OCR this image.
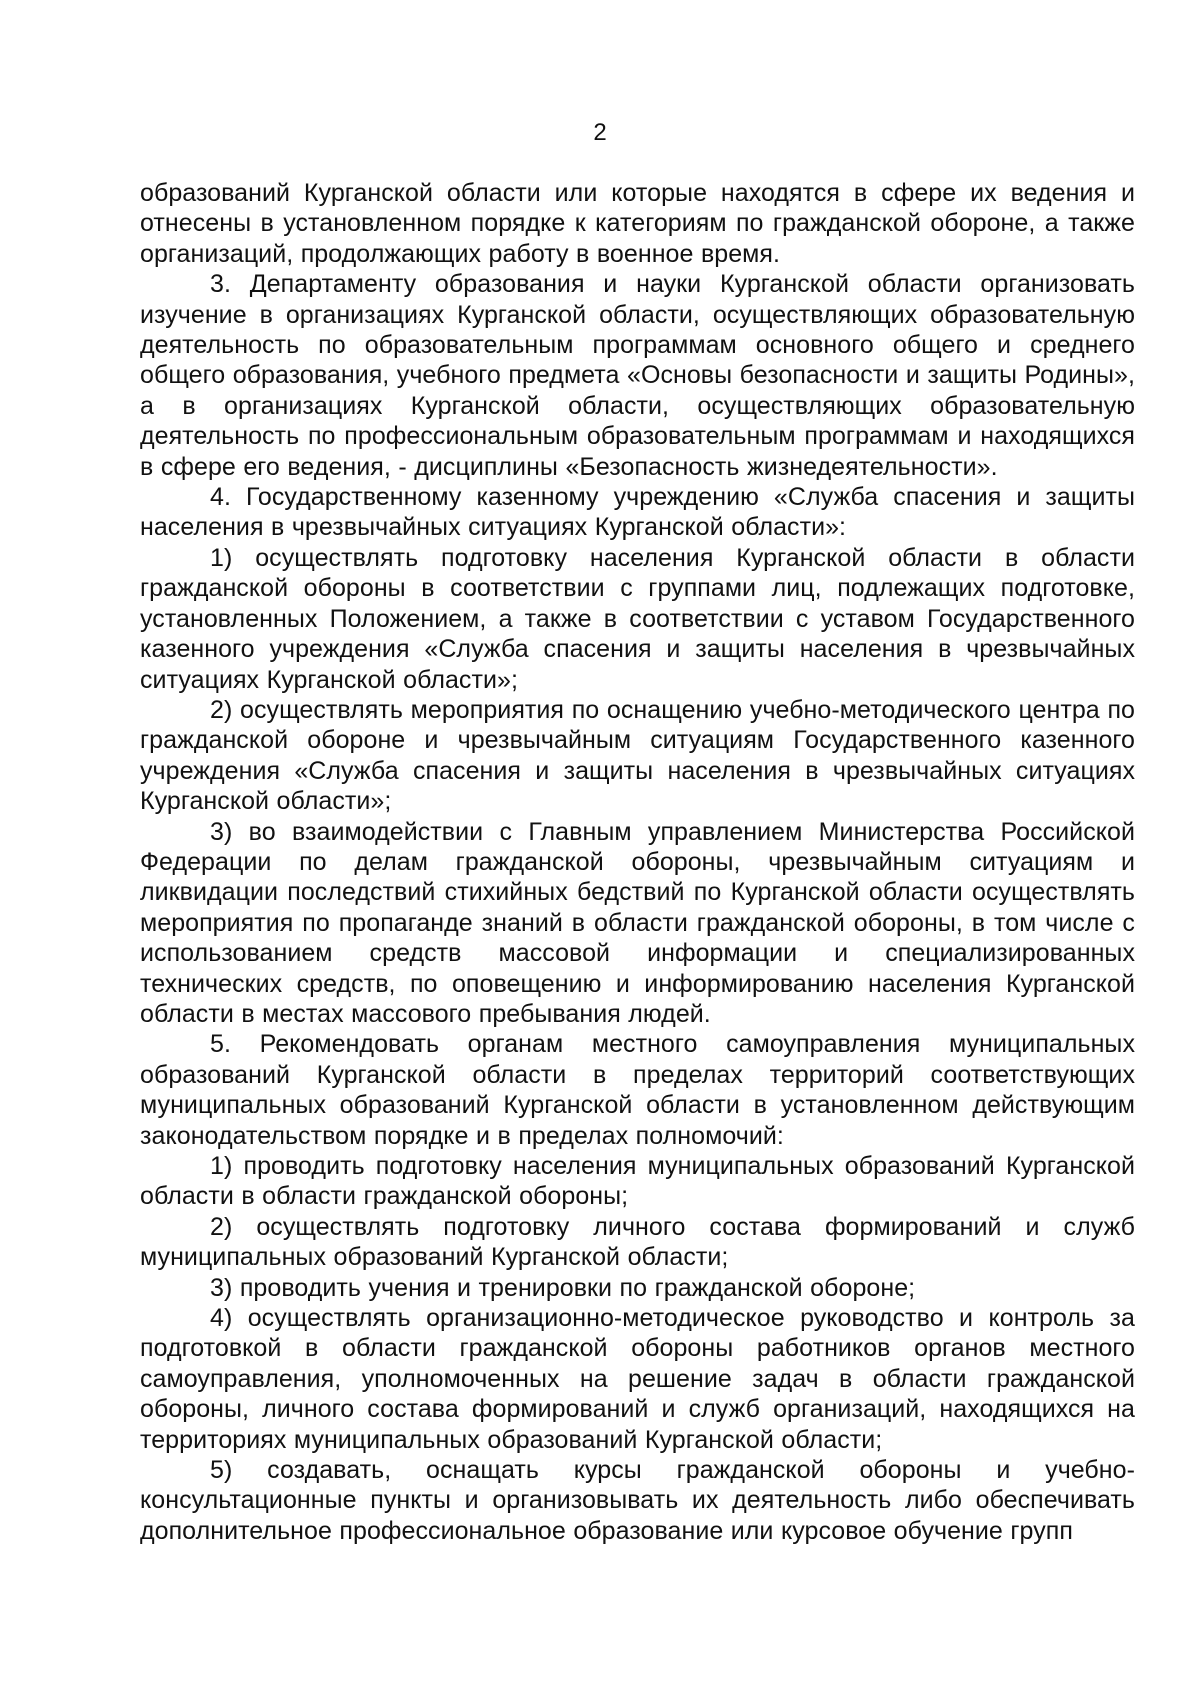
2

образований Курганской области или которые находятся в сфере их ведения и отнесены в установленном порядке к категориям по гражданской обороне, а также организаций, продолжающих работу в военное время.

3. Департаменту образования и науки Курганской области организовать изучение в организациях Курганской области, осуществляющих образовательную деятельность по образовательным программам основного общего и среднего общего образования, учебного предмета «Основы безопасности и защиты Родины», а в организациях Курганской области, осуществляющих образовательную деятельность по профессиональным образовательным программам и находящихся в сфере его ведения, - дисциплины «Безопасность жизнедеятельности».

4. Государственному казенному учреждению «Служба спасения и защиты населения в чрезвычайных ситуациях Курганской области»:

1) осуществлять подготовку населения Курганской области в области гражданской обороны в соответствии с группами лиц, подлежащих подготовке, установленных Положением, а также в соответствии с уставом Государственного казенного учреждения «Служба спасения и защиты населения в чрезвычайных ситуациях Курганской области»;

2) осуществлять мероприятия по оснащению учебно-методического центра по гражданской обороне и чрезвычайным ситуациям Государственного казенного учреждения «Служба спасения и защиты населения в чрезвычайных ситуациях Курганской области»;

3) во взаимодействии с Главным управлением Министерства Российской Федерации по делам гражданской обороны, чрезвычайным ситуациям и ликвидации последствий стихийных бедствий по Курганской области осуществлять мероприятия по пропаганде знаний в области гражданской обороны, в том числе с использованием средств массовой информации и специализированных технических средств, по оповещению и информированию населения Курганской области в местах массового пребывания людей.

5. Рекомендовать органам местного самоуправления муниципальных образований Курганской области в пределах территорий соответствующих муниципальных образований Курганской области в установленном действующим законодательством порядке и в пределах полномочий:

1) проводить подготовку населения муниципальных образований Курганской области в области гражданской обороны;

2) осуществлять подготовку личного состава формирований и служб муниципальных образований Курганской области;

3) проводить учения и тренировки по гражданской обороне;

4) осуществлять организационно-методическое руководство и контроль за подготовкой в области гражданской обороны работников органов местного самоуправления, уполномоченных на решение задач в области гражданской обороны, личного состава формирований и служб организаций, находящихся на территориях муниципальных образований Курганской области;

5) создавать, оснащать курсы гражданской обороны и учебно-консультационные пункты и организовывать их деятельность либо обеспечивать дополнительное профессиональное образование или курсовое обучение групп
